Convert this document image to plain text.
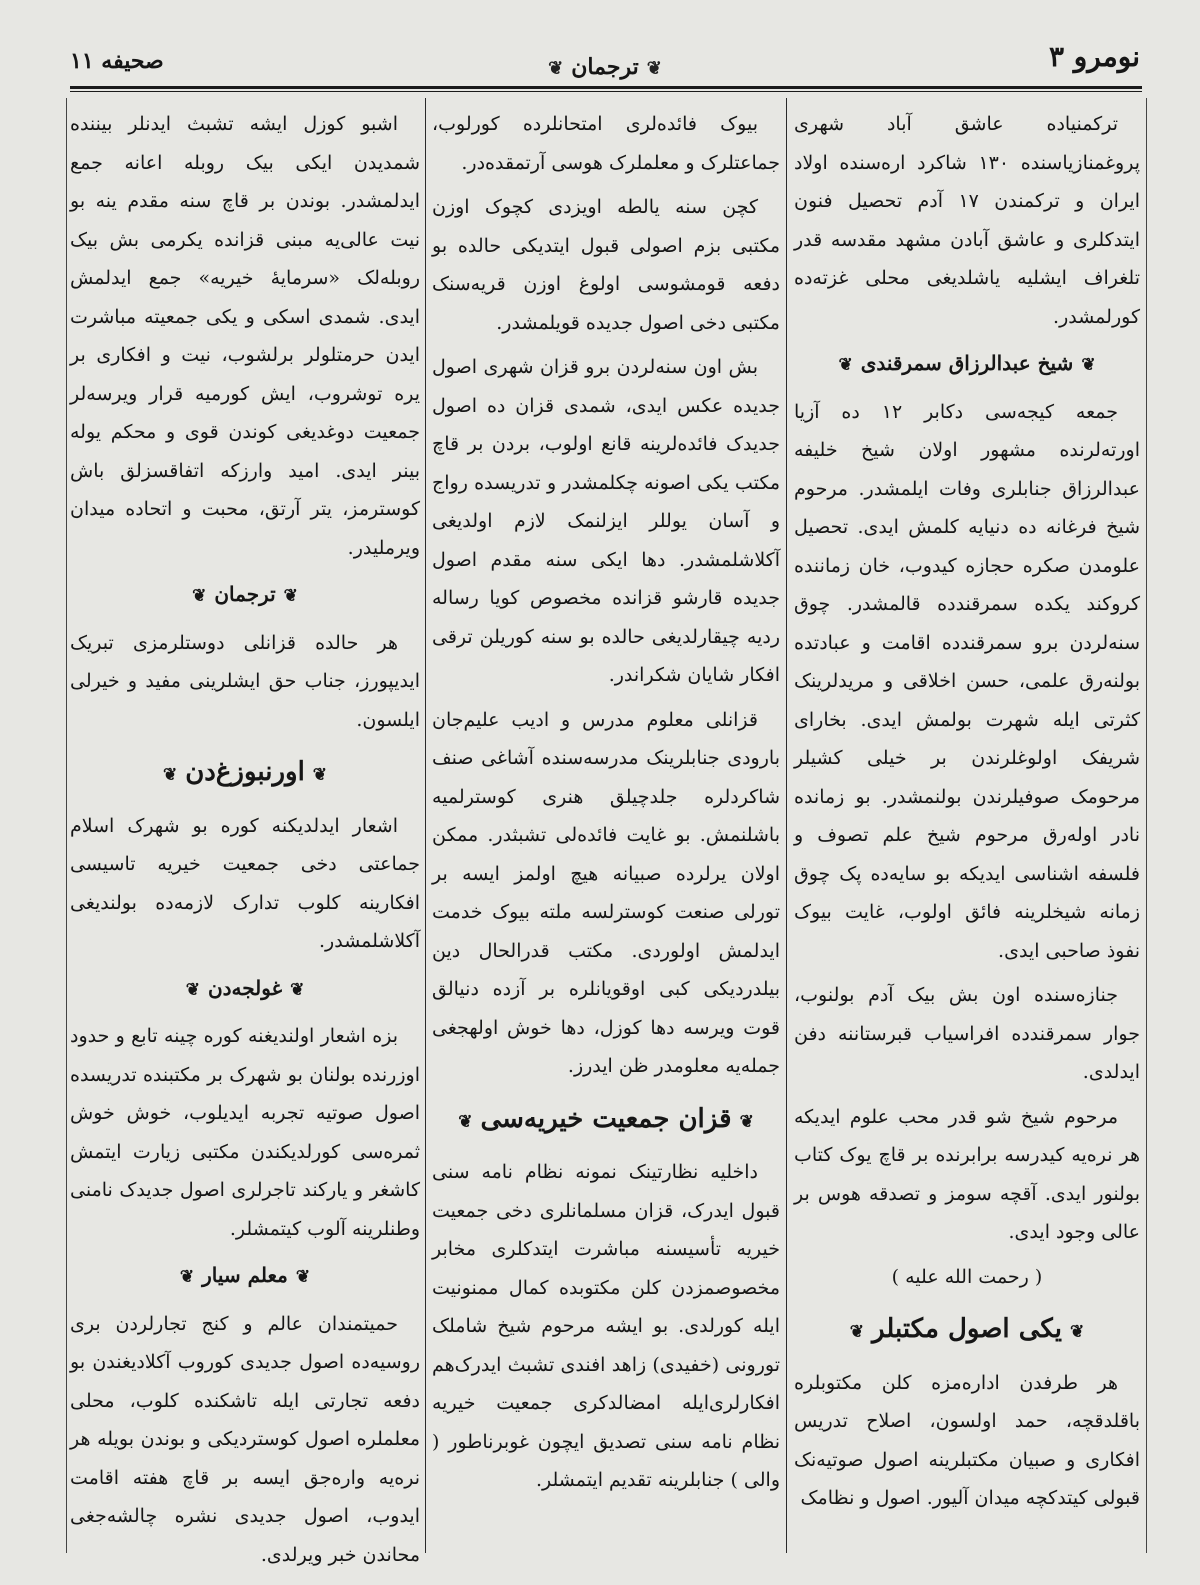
۱۱ صحیفه	❦ ترجمان ❦	نومرو ۳

ترکمنیاده عاشق آباد شهری پروغمنازیاسنده ۱۳۰ شاکرد اره‌سنده اولاد ایران و ترکمندن ۱۷ آدم تحصیل فنون ایتدکلری و عاشق آبادن مشهد مقدسه قدر تلغراف ایشلیه یاشلدیغی محلی غزته‌ده کورلمشدر.

❦شیخ عبدالرزاق سمرقندی❦

جمعه کیجه‌سی دکابر ۱۲ ده آزیا اورته‌لرنده مشهور اولان شیخ خلیفه عبدالرزاق جنابلری وفات ایلمشدر. مرحوم شیخ فرغانه ده دنیایه کلمش ایدی. تحصیل علومدن صکره حجازه کیدوب، خان زماننده کروکند یکده سمرقندده قالمشدر. چوق سنه‌لردن برو سمرقندده اقامت و عبادتده بولنه‌رق علمی، حسن اخلاقی و مریدلرینک کثرتی ایله شهرت بولمش ایدی. بخارای شریفک اولوغلرندن بر خیلی کشیلر مرحومک صوفیلرندن بولنمشدر. بو زمانده نادر اوله‌رق مرحوم شیخ علم تصوف و فلسفه اشناسی ایدیکه بو سایه‌ده پک چوق زمانه شیخلرینه فائق اولوب، غایت بیوک نفوذ صاحبی ایدی.

جنازه‌سنده اون بش بیک آدم بولنوب، جوار سمرقندده افراسیاب قبرستاننه دفن ایدلدی.

مرحوم شیخ شو قدر محب علوم ایدیکه هر نره‌یه کیدرسه برابرنده بر قاچ یوک کتاب بولنور ایدی. آقچه سومز و تصدقه هوس بر عالی وجود ایدی.

( رحمت الله علیه )
❦یکی اصول مکتبلر❦

هر طرفدن اداره‌مزه کلن مکتوبلره باقلدقچه، حمد اولسون، اصلاح تدریس افکاری و صبیان مکتبلرینه اصول صوتیه‌نک قبولی کیتدکچه میدان آلیور. اصول و نظامک

بیوک فائده‌لری امتحانلرده کورلوب، جماعتلرک و معلملرک هوسی آرتمقده‌در.

کچن سنه یالطه اویزدی کچوک اوزن مکتبی بزم اصولی قبول ایتدیکی حالده بو دفعه قومشوسی اولوغ اوزن قریه‌سنک مکتبی دخی اصول جدیده قویلمشدر.

بش اون سنه‌لردن برو قزان شهری اصول جدیده عکس ایدی، شمدی قزان ده اصول جدیدک فائده‌لرینه قانع اولوب، بردن بر قاچ مکتب یکی اصونه چکلمشدر و تدریسده رواج و آسان یوللر ایزلنمک لازم اولدیغی آکلاشلمشدر. دها ایکی سنه مقدم اصول جدیده قارشو قزانده مخصوص کویا رساله ردیه چیقارلدیغی حالده بو سنه کوریلن ترقی افکار شایان شکراندر.

قزانلی معلوم مدرس و ادیب علیم‌جان بارودی جنابلرینک مدرسه‌سنده آشاغی صنف شاکردلره جلدچیلق هنری کوسترلمیه باشلنمش. بو غایت فائده‌لی تشبثدر. ممکن اولان یرلرده صبیانه هیچ اولمز ایسه بر تورلی صنعت کوسترلسه ملته بیوک خدمت ایدلمش اولوردی. مکتب قدرالحال دین بیلدردیکی کبی اوقویانلره بر آزده دنیالق قوت ویرسه دها کوزل، دها خوش اولهجغی جمله‌یه معلومدر ظن ایدرز.

❦قزان جمعیت خیریه‌سی❦

داخلیه نظارتینک نمونه نظام نامه سنی قبول ایدرک، قزان مسلمانلری دخی جمعیت خیریه تأسیسنه مباشرت ایتدکلری مخابر مخصوصمزدن کلن مکتوبده کمال ممنونیت ایله کورلدی. بو ایشه مرحوم شیخ شاملک تورونی (خفیدی) زاهد افندی تشبث ایدرک‌هم افکارلری‌ایله امضالدکری جمعیت خیریه نظام نامه سنی تصدیق ایچون غوبرناطور ( والی ) جنابلرینه تقدیم ایتمشلر.

اشبو کوزل ایشه تشبث ایدنلر بیننده شمدیدن ایکی بیک روبله اعانه جمع ایدلمشدر. بوندن بر قاچ سنه مقدم ینه بو نیت عالی‌یه مبنی قزانده یکرمی بش بیک روبله‌لک «سرمایهٔ خیریه» جمع ایدلمش ایدی. شمدی اسکی و یکی جمعیته مباشرت ایدن حرمتلولر برلشوب، نیت و افکاری بر یره توشروب، ایش کورمیه قرار ویرسه‌لر جمعیت دوغدیغی کوندن قوی و محکم یوله بینر ایدی. امید وارزکه اتفاقسزلق باش کوسترمز، یتر آرتق، محبت و اتحاده میدان ویرملیدر.

❦ترجمان❦

هر حالده قزانلی دوستلرمزی تبریک ایدیپورز، جناب حق ایشلرینی مفید و خیرلی ایلسون.

❦اورنبوزغ‌دن❦

اشعار ایدلدیکنه کوره بو شهرک اسلام جماعتی دخی جمعیت خیریه تاسیسی افکارینه کلوب تدارک لازمه‌ده بولندیغی آکلاشلمشدر.

❦غولجه‌دن❦

بزه اشعار اولندیغنه کوره چینه تابع و حدود اوزرنده بولنان بو شهرک بر مکتبنده تدریسده اصول صوتیه تجربه ایدیلوب، خوش خوش ثمره‌سی کورلدیکندن مکتبی زیارت ایتمش کاشغر و یارکند تاجرلری اصول جدیدک نامنی وطنلرینه آلوب کیتمشلر.

❦معلم سیار❦

حمیتمندان عالم و کنج تجارلردن بری روسیه‌ده اصول جدیدی کوروب آکلادیغندن بو دفعه تجارتی ایله تاشکنده کلوب، محلی معلملره اصول کوستردیکی و بوندن بویله هر نره‌یه واره‌جق ایسه بر قاچ هفته اقامت ایدوب، اصول جدیدی نشره چالشه‌جغی محاندن خبر ویرلدی.
